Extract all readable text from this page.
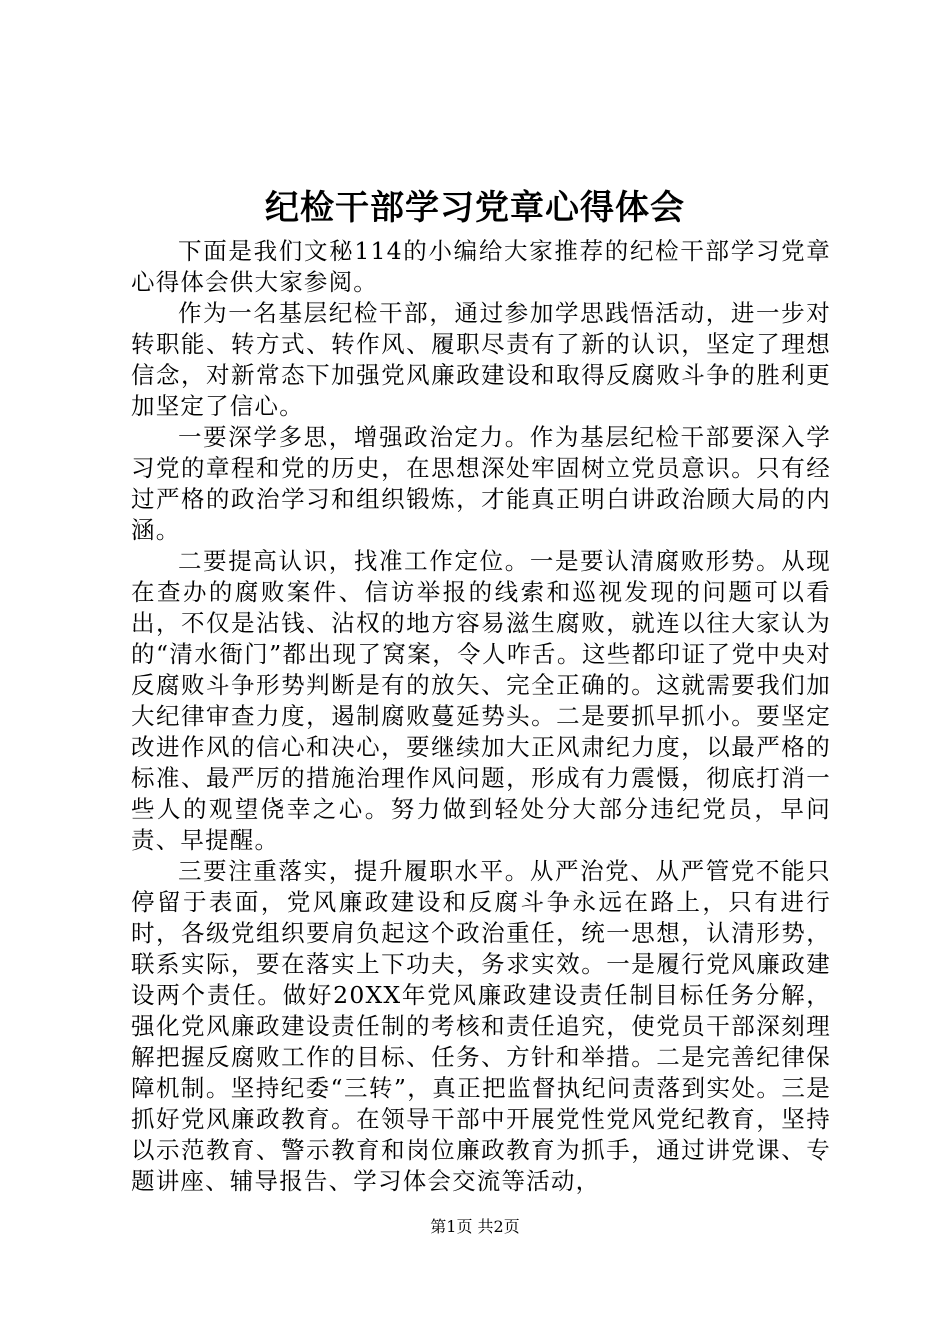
纪检干部学习党章心得体会

下面是我们文秘114的小编给大家推荐的纪检干部学习党章心得体会供大家参阅。

作为一名基层纪检干部，通过参加学思践悟活动，进一步对转职能、转方式、转作风、履职尽责有了新的认识，坚定了理想信念，对新常态下加强党风廉政建设和取得反腐败斗争的胜利更加坚定了信心。

一要深学多思，增强政治定力。作为基层纪检干部要深入学习党的章程和党的历史，在思想深处牢固树立党员意识。只有经过严格的政治学习和组织锻炼，才能真正明白讲政治顾大局的内涵。

二要提高认识，找准工作定位。一是要认清腐败形势。从现在查办的腐败案件、信访举报的线索和巡视发现的问题可以看出，不仅是沾钱、沾权的地方容易滋生腐败，就连以往大家认为的“清水衙门”都出现了窝案，令人咋舌。这些都印证了党中央对反腐败斗争形势判断是有的放矢、完全正确的。这就需要我们加大纪律审查力度，遏制腐败蔓延势头。二是要抓早抓小。要坚定改进作风的信心和决心，要继续加大正风肃纪力度，以最严格的标准、最严厉的措施治理作风问题，形成有力震慑，彻底打消一些人的观望侥幸之心。努力做到轻处分大部分违纪党员，早问责、早提醒。

三要注重落实，提升履职水平。从严治党、从严管党不能只停留于表面，党风廉政建设和反腐斗争永远在路上，只有进行时，各级党组织要肩负起这个政治重任，统一思想，认清形势，联系实际，要在落实上下功夫，务求实效。一是履行党风廉政建设两个责任。做好20XX年党风廉政建设责任制目标任务分解，强化党风廉政建设责任制的考核和责任追究，使党员干部深刻理解把握反腐败工作的目标、任务、方针和举措。二是完善纪律保障机制。坚持纪委“三转”，真正把监督执纪问责落到实处。三是抓好党风廉政教育。在领导干部中开展党性党风党纪教育，坚持以示范教育、警示教育和岗位廉政教育为抓手，通过讲党课、专题讲座、辅导报告、学习体会交流等活动，

第1页 共2页
